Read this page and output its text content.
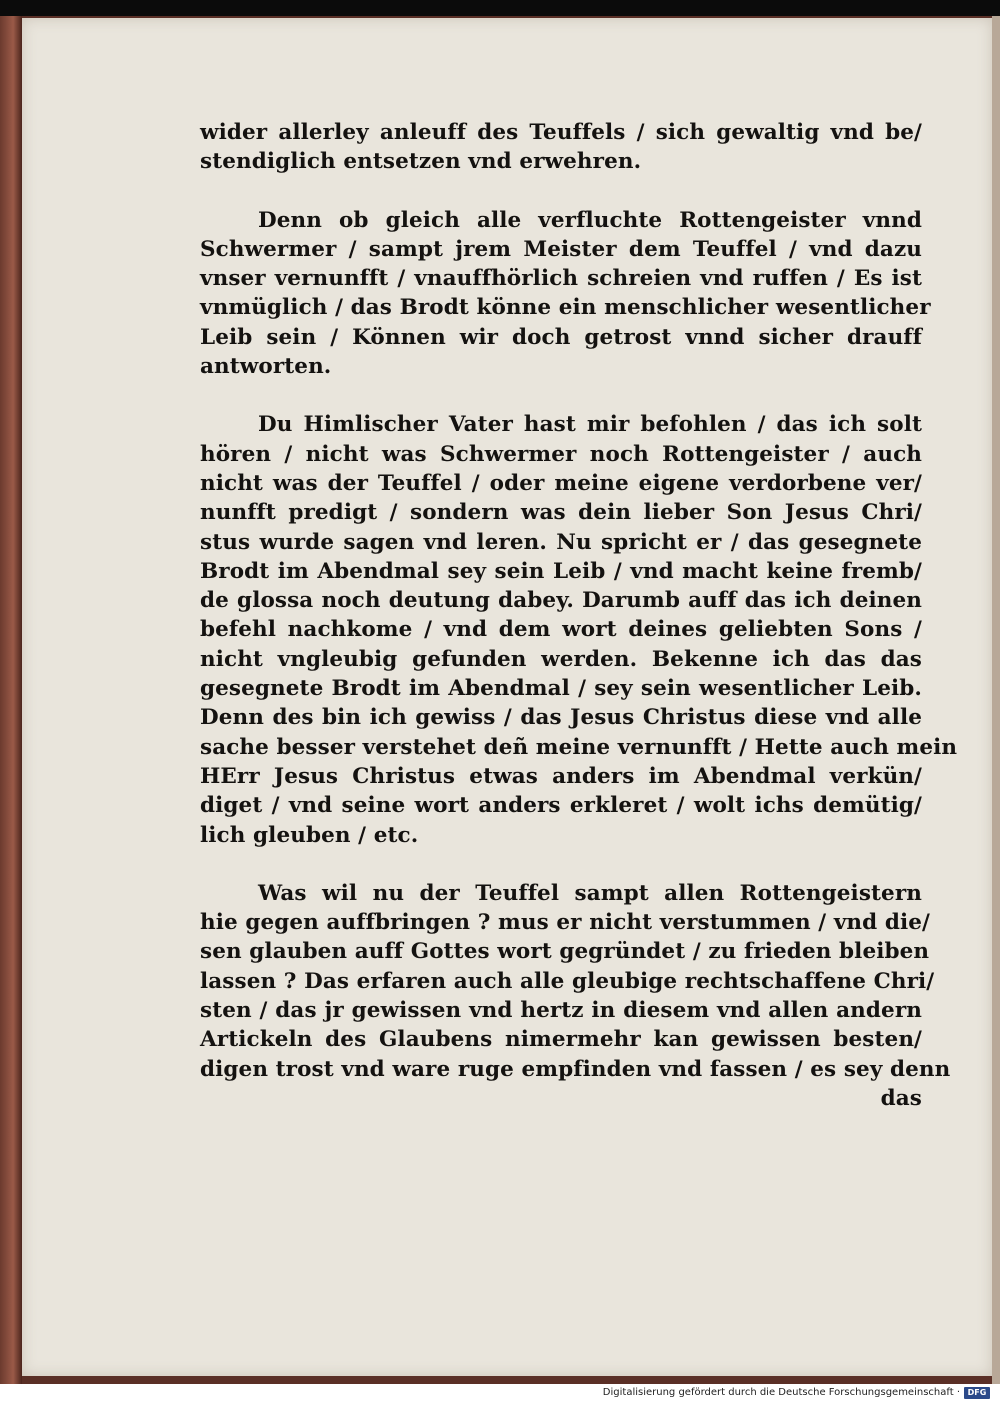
wider allerley anleuff des Teuffels / sich gewaltig vnd be/
stendiglich entsetzen vnd erwehren.
Denn ob gleich alle verfluchte Rottengeister vnnd
Schwermer / sampt jrem Meister dem Teuffel / vnd dazu
vnser vernunfft / vnauffhörlich schreien vnd ruffen / Es ist
vnmüglich / das Brodt könne ein menschlicher wesentlicher
Leib sein / Können wir doch getrost vnnd sicher drauff
antworten.
Du Himlischer Vater hast mir befohlen / das ich solt
hören / nicht was Schwermer noch Rottengeister / auch
nicht was der Teuffel / oder meine eigene verdorbene ver/
nunfft predigt / sondern was dein lieber Son Jesus Chri/
stus wurde sagen vnd leren. Nu spricht er / das gesegnete
Brodt im Abendmal sey sein Leib / vnd macht keine fremb/
de glossa noch deutung dabey. Darumb auff das ich deinen
befehl nachkome / vnd dem wort deines geliebten Sons /
nicht vngleubig gefunden werden. Bekenne ich das das
gesegnete Brodt im Abendmal / sey sein wesentlicher Leib.
Denn des bin ich gewiss / das Jesus Christus diese vnd alle
sache besser verstehet deñ meine vernunfft / Hette auch mein
HErr Jesus Christus etwas anders im Abendmal verkün/
diget / vnd seine wort anders erkleret / wolt ichs demütig/
lich gleuben / etc.
Was wil nu der Teuffel sampt allen Rottengeistern
hie gegen auffbringen ? mus er nicht verstummen / vnd die/
sen glauben auff Gottes wort gegründet / zu frieden bleiben
lassen ? Das erfaren auch alle gleubige rechtschaffene Chri/
sten / das jr gewissen vnd hertz in diesem vnd allen andern
Artickeln des Glaubens nimermehr kan gewissen besten/
digen trost vnd ware ruge empfinden vnd fassen / es sey denn
das
Digitalisierung gefördert durch die Deutsche Forschungsgemeinschaft · DFG
